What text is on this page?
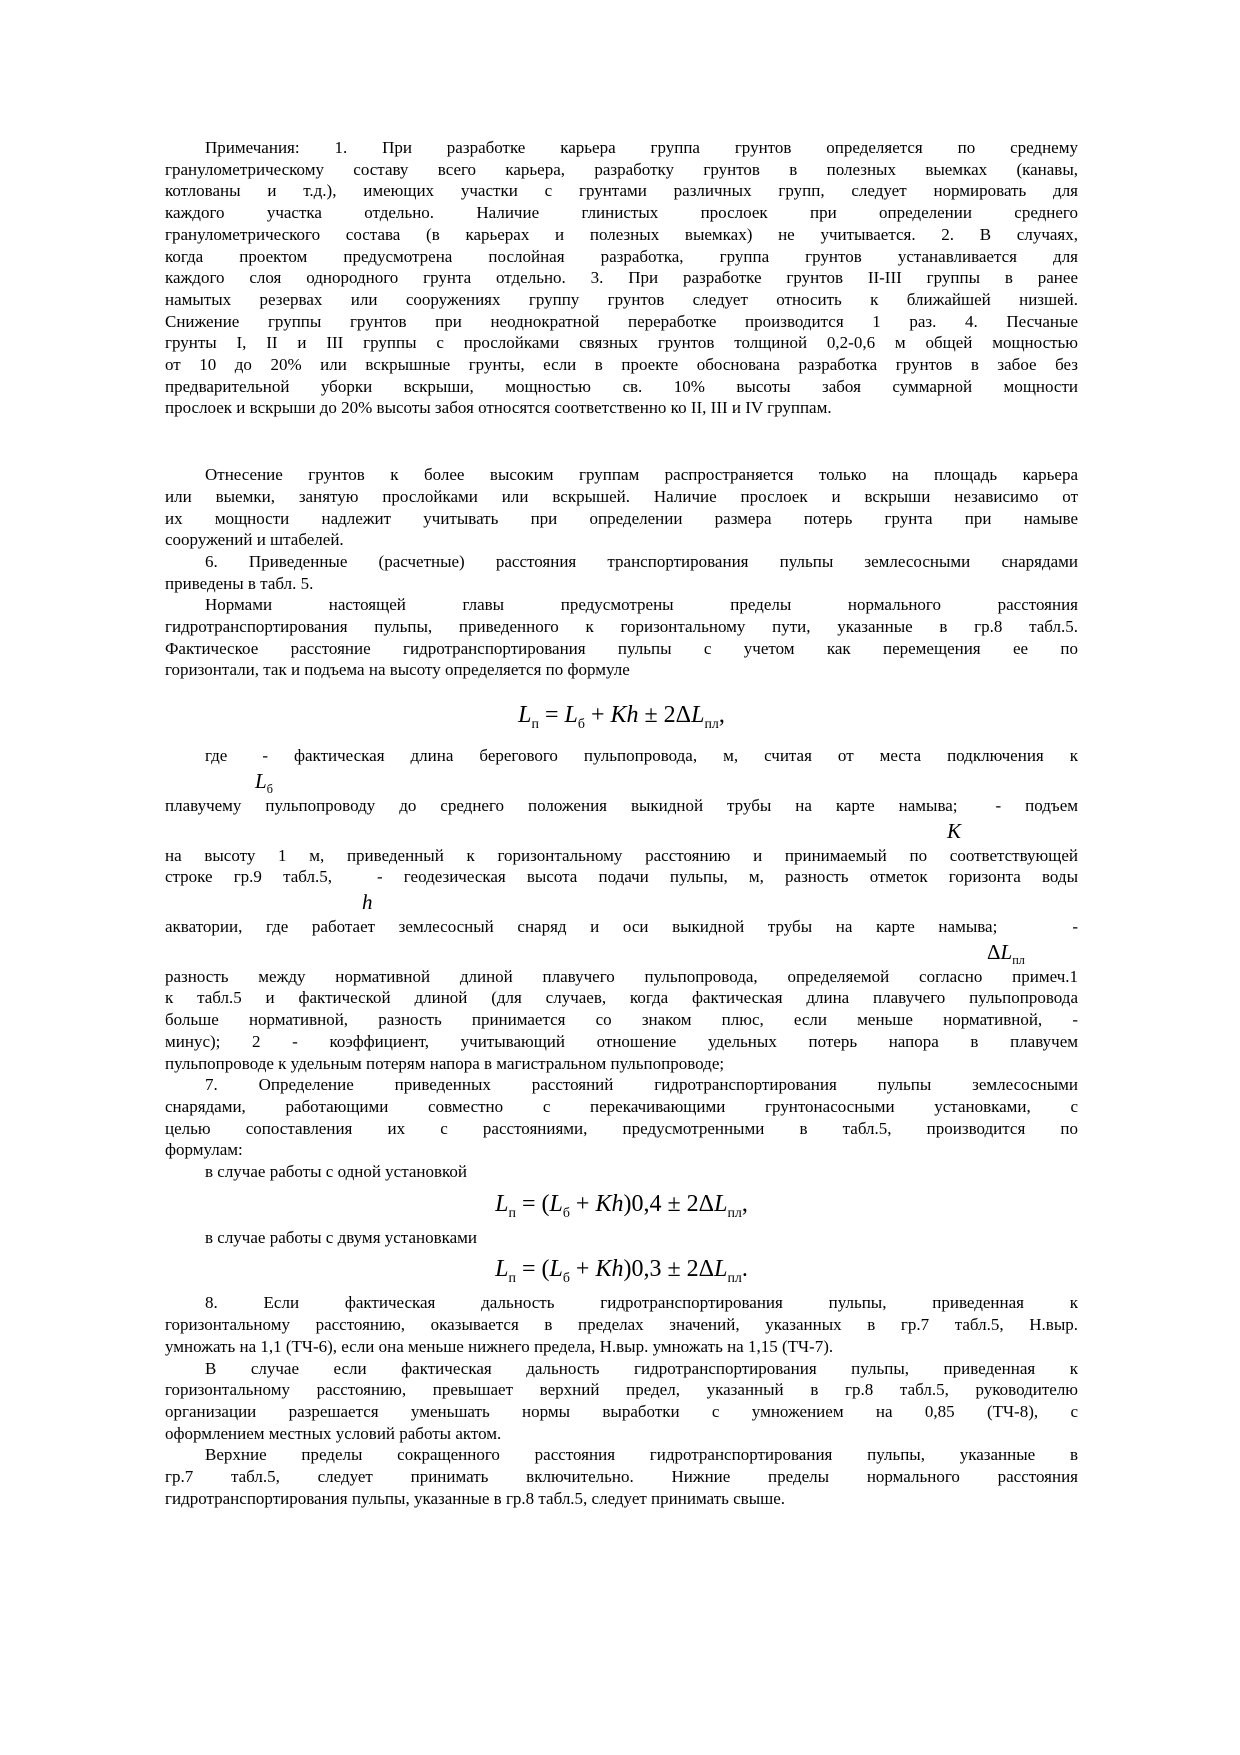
Примечания: 1. При разработке карьера группа грунтов определяется по среднему
гранулометрическому составу всего карьера, разработку грунтов в полезных выемках (канавы,
котлованы и т.д.), имеющих участки с грунтами различных групп, следует нормировать для
каждого участка отдельно. Наличие глинистых прослоек при определении среднего
гранулометрического состава (в карьерах и полезных выемках) не учитывается. 2. В случаях,
когда проектом предусмотрена послойная разработка, группа грунтов устанавливается для
каждого слоя однородного грунта отдельно. 3. При разработке грунтов II-III группы в ранее
намытых резервах или сооружениях группу грунтов следует относить к ближайшей низшей.
Снижение группы грунтов при неоднократной переработке производится 1 раз. 4. Песчаные
грунты I, II и III группы с прослойками связных грунтов толщиной 0,2-0,6 м общей мощностью
от 10 до 20% или вскрышные грунты, если в проекте обоснована разработка грунтов в забое без
предварительной уборки вскрыши, мощностью св. 10% высоты забоя суммарной мощности
прослоек и вскрыши до 20% высоты забоя относятся соответственно ко II, III и IV группам.
Отнесение грунтов к более высоким группам распространяется только на площадь карьера
или выемки, занятую прослойками или вскрышей. Наличие прослоек и вскрыши независимо от
их мощности надлежит учитывать при определении размера потерь грунта при намыве
сооружений и штабелей.
6. Приведенные (расчетные) расстояния транспортирования пульпы землесосными снарядами
приведены в табл. 5.
Нормами настоящей главы предусмотрены пределы нормального расстояния
гидротранспортирования пульпы, приведенного к горизонтальному пути, указанные в гр.8 табл.5.
Фактическое расстояние гидротранспортирования пульпы с учетом как перемещения ее по
горизонтали, так и подъема на высоту определяется по формуле
$L_п = L_б + Kh \pm 2\Delta L_{пл}$,
где - фактическая длина берегового пульпопровода, м, считая от места подключения к
$L_б$
плавучему пульпопроводу до среднего положения выкидной трубы на карте намыва; - подъем
K
на высоту 1 м, приведенный к горизонтальному расстоянию и принимаемый по соответствующей
строке гр.9 табл.5,	- геодезическая высота подачи пульпы, м, разность отметок горизонта воды
h
акватории, где работает землесосный снаряд и оси выкидной трубы на карте намыва;	-
$\Delta L_{пл}$
разность между нормативной длиной плавучего пульпопровода, определяемой согласно примеч.1
к табл.5 и фактической длиной (для случаев, когда фактическая длина плавучего пульпопровода
больше нормативной, разность принимается со знаком плюс, если меньше нормативной, -
минус); 2 - коэффициент, учитывающий отношение удельных потерь напора в плавучем
пульпопроводе к удельным потерям напора в магистральном пульпопроводе;
7. Определение приведенных расстояний гидротранспортирования пульпы землесосными
снарядами, работающими совместно с перекачивающими грунтонасосными установками, с
целью сопоставления их с расстояниями, предусмотренными в табл.5, производится по
формулам:
в случае работы с одной установкой
$L_п = (L_б + Kh)0,4 \pm 2\Delta L_{пл}$,
в случае работы с двумя установками
$L_п = (L_б + Kh)0,3 \pm 2\Delta L_{пл}$.
8. Если фактическая дальность гидротранспортирования пульпы, приведенная к
горизонтальному расстоянию, оказывается в пределах значений, указанных в гр.7 табл.5, Н.выр.
умножать на 1,1 (ТЧ-6), если она меньше нижнего предела, Н.выр. умножать на 1,15 (ТЧ-7).
В случае если фактическая дальность гидротранспортирования пульпы, приведенная к
горизонтальному расстоянию, превышает верхний предел, указанный в гр.8 табл.5, руководителю
организации разрешается уменьшать нормы выработки с умножением на 0,85 (ТЧ-8), с
оформлением местных условий работы актом.
Верхние пределы сокращенного расстояния гидротранспортирования пульпы, указанные в
гр.7 табл.5, следует принимать включительно. Нижние пределы нормального расстояния
гидротранспортирования пульпы, указанные в гр.8 табл.5, следует принимать свыше.
